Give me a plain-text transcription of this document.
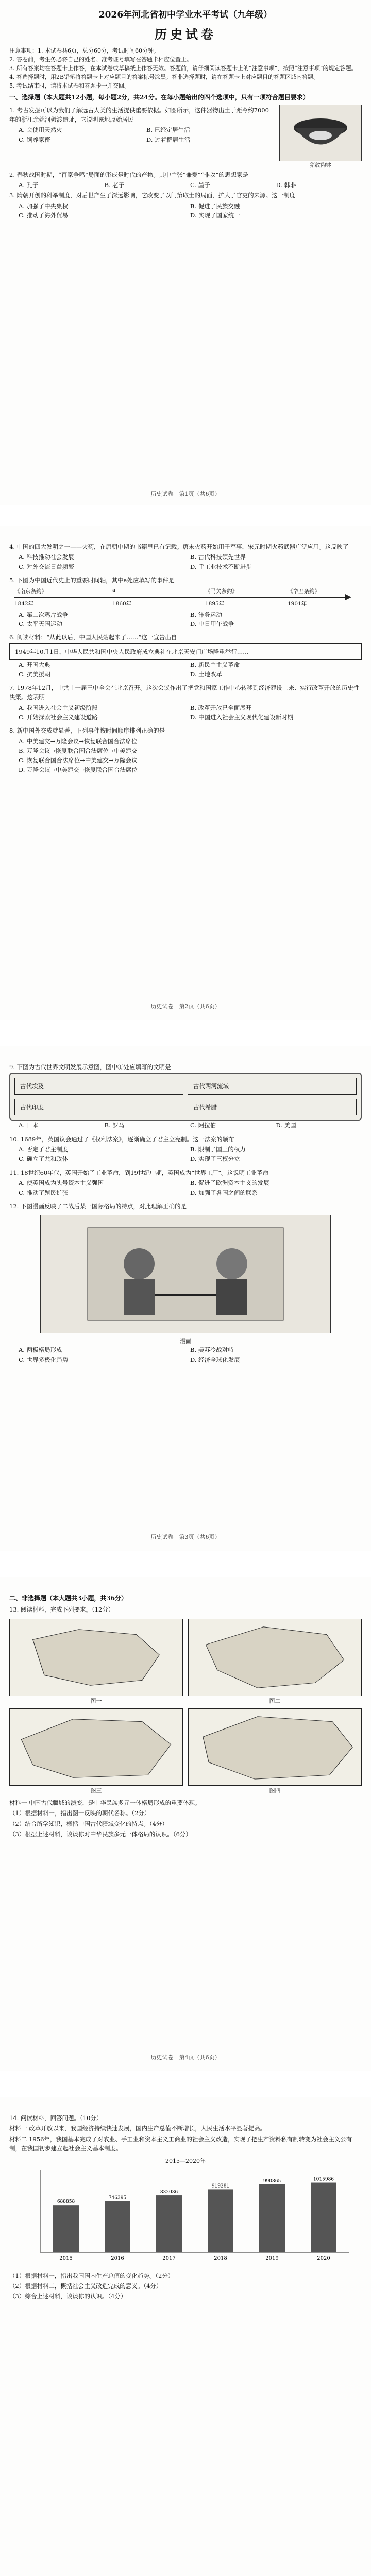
2026年河北省初中学业水平考试（九年级）
历史试卷
注意事项：1. 本试卷共6页，总分60分，考试时间60分钟。
2. 答卷前，考生务必将自己的姓名、准考证号填写在答题卡相应位置上。
3. 所有答案均在答题卡上作答，在本试卷或草稿纸上作答无效。答题前，请仔细阅读答题卡上的“注意事项”，按照“注意事项”的规定答题。
4. 答选择题时，用2B铅笔将答题卡上对应题目的答案标号涂黑；答非选择题时，请在答题卡上对应题目的答题区域内答题。
5. 考试结束时，请将本试卷和答题卡一并交回。
一、选择题（本大题共12小题，每小题2分，共24分。在每小题给出的四个选项中，只有一项符合题目要求）
1. 考古发掘可以为我们了解远古人类的生活提供重要依据。如图所示，这件器物出土于距今约7000年的浙江余姚河姆渡遗址，它说明该地原始居民
A. 会使用天然火	B. 已经定居生活
C. 饲养家畜	D. 过着群居生活
猪纹陶钵
2. 春秋战国时期，“百家争鸣”局面的形成是时代的产物。其中主张“兼爱”“非攻”的思想家是
A. 孔子	B. 老子	C. 墨子	D. 韩非
3. 隋朝开创的科举制度，对后世产生了深远影响，它改变了以门第取士的局面，扩大了官吏的来源。这一制度
A. 加强了中央集权	B. 促进了民族交融
C. 推动了海外贸易	D. 实现了国家统一
历史试卷　第1页（共6页）
4. 中国的四大发明之一——火药，在唐朝中期的书籍里已有记载。唐末火药开始用于军事，宋元时期火药武器广泛应用。这反映了
A. 科技推动社会发展	B. 古代科技领先世界
C. 对外交流日益频繁	D. 手工业技术不断进步
5. 下图为中国近代史上的重要时间轴，其中a处应填写的事件是
《南京条约》	a	《马关条约》	《辛丑条约》
1842年	1860年	1895年	1901年
A. 第二次鸦片战争	B. 洋务运动
C. 太平天国运动	D. 中日甲午战争
6. 阅读材料：“从此以后，中国人民站起来了……”这一宣告出自
1949年10月1日，中华人民共和国中央人民政府成立典礼在北京天安门广场隆重举行……
A. 开国大典	B. 新民主主义革命
C. 抗美援朝	D. 土地改革
7. 1978年12月，中共十一届三中全会在北京召开。这次会议作出了把党和国家工作中心转移到经济建设上来、实行改革开放的历史性决策。这表明
A. 我国进入社会主义初级阶段	B. 改革开放已全面展开
C. 开始探索社会主义建设道路	D. 中国进入社会主义现代化建设新时期
8. 新中国外交成就显著，下列事件按时间顺序排列正确的是
A. 中美建交→万隆会议→恢复联合国合法席位
B. 万隆会议→恢复联合国合法席位→中美建交
C. 恢复联合国合法席位→中美建交→万隆会议
D. 万隆会议→中美建交→恢复联合国合法席位
历史试卷　第2页（共6页）
9. 下图为古代世界文明发展示意图，图中①处应填写的文明是
古代埃及	古代两河流域
古代印度	古代希腊
A. 日本	B. 罗马	C. 阿拉伯	D. 美国
10. 1689年，英国议会通过了《权利法案》，逐渐确立了君主立宪制。这一法案的颁布
A. 否定了君主制度	B. 限制了国王的权力
C. 确立了共和政体	D. 实现了三权分立
11. 18世纪60年代，英国开始了工业革命，到19世纪中期，英国成为“世界工厂”。这说明工业革命
A. 使英国成为头号资本主义强国	B. 促进了欧洲资本主义的发展
C. 推动了殖民扩张	D. 加强了各国之间的联系
12. 下图漫画反映了二战后某一国际格局的特点，对此理解正确的是
漫画
A. 两极格局形成	B. 美苏冷战对峙
C. 世界多极化趋势	D. 经济全球化发展
历史试卷　第3页（共6页）
二、非选择题（本大题共3小题，共36分）
13. 阅读材料，完成下列要求。（12分）
图一	图二
图三	图四
材料一 中国古代疆域的演变，是中华民族多元一体格局形成的重要体现。
（1）根据材料一，指出图一反映的朝代名称。（2分）
（2）结合所学知识，概括中国古代疆域变化的特点。（4分）
（3）根据上述材料，谈谈你对中华民族多元一体格局的认识。（6分）
历史试卷　第4页（共6页）
14. 阅读材料，回答问题。（10分）
材料一 改革开放以来，我国经济持续快速发展，国内生产总值不断增长，人民生活水平显著提高。
材料二 1956年，我国基本完成了对农业、手工业和资本主义工商业的社会主义改造，实现了把生产资料私有制转变为社会主义公有制，在我国初步建立起社会主义基本制度。
2015—2020年
2015
688858
2016
746395
2017
832036
2018
919281
2019
990865
2020
1015986
（1）根据材料一，指出我国国内生产总值的变化趋势。（2分）
（2）根据材料二，概括社会主义改造完成的意义。（4分）
（3）综合上述材料，谈谈你的认识。（4分）
